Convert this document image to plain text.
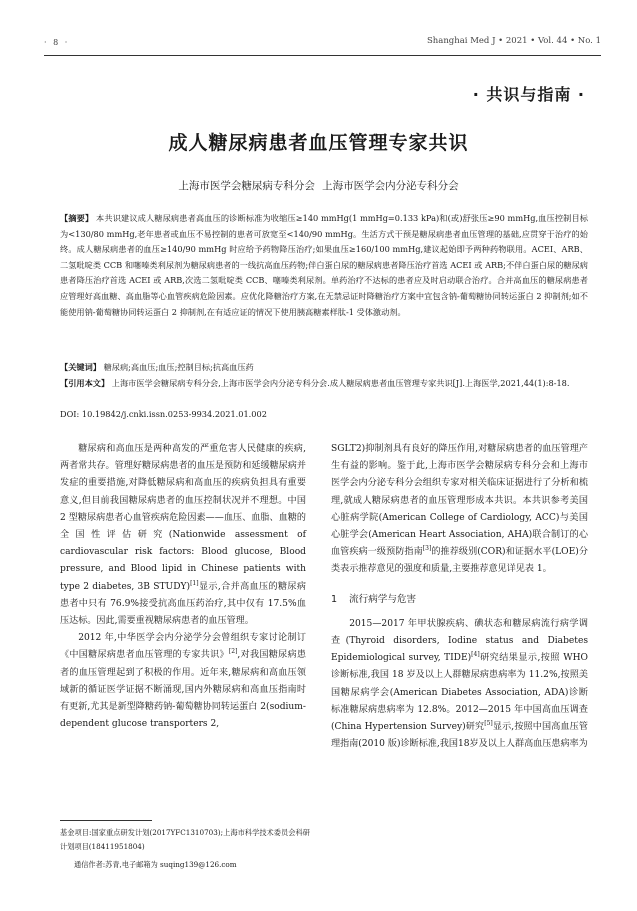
· 8 ·	Shanghai Med J • 2021 • Vol. 44 • No. 1
· 共识与指南 ·
成人糖尿病患者血压管理专家共识
上海市医学会糖尿病专科分会 上海市医学会内分泌专科分会
【摘要】 本共识建议成人糖尿病患者高血压的诊断标准为收缩压≥140 mmHg(1 mmHg=0.133 kPa)和(或)舒张压≥90 mmHg,血压控制目标为<130/80 mmHg,老年患者或血压不易控制的患者可放宽至<140/90 mmHg。生活方式干预是糖尿病患者血压管理的基础,应贯穿于治疗的始终。成人糖尿病患者的血压≥140/90 mmHg 时应给予药物降压治疗;如果血压≥160/100 mmHg,建议起始即予两种药物联用。ACEI、ARB、二氢吡啶类 CCB 和噻嗪类利尿剂为糖尿病患者的一线抗高血压药物;伴白蛋白尿的糖尿病患者降压治疗首选 ACEI 或 ARB;不伴白蛋白尿的糖尿病患者降压治疗首选 ACEI 或 ARB,次选二氢吡啶类 CCB、噻嗪类利尿剂。单药治疗不达标的患者应及时启动联合治疗。合并高血压的糖尿病患者应管理好高血糖、高血脂等心血管疾病危险因素。应优化降糖治疗方案,在无禁忌证时降糖治疗方案中宜包含钠-葡萄糖协同转运蛋白 2 抑制剂;如不能使用钠-葡萄糖协同转运蛋白 2 抑制剂,在有适应证的情况下使用胰高糖素样肽-1 受体激动剂。
【关键词】 糖尿病;高血压;血压;控制目标;抗高血压药
【引用本文】 上海市医学会糖尿病专科分会,上海市医学会内分泌专科分会.成人糖尿病患者血压管理专家共识[J].上海医学,2021,44(1):8-18.
DOI: 10.19842/j.cnki.issn.0253-9934.2021.01.002

糖尿病和高血压是两种高发的严重危害人民健康的疾病,两者常共存。管理好糖尿病患者的血压是预防和延缓糖尿病并发症的重要措施,对降低糖尿病和高血压的疾病负担具有重要意义,但目前我国糖尿病患者的血压控制状况并不理想。中国 2 型糖尿病患者心血管疾病危险因素——血压、血脂、血糖的全国性评估研究(Nationwide assessment of cardiovascular risk factors: Blood glucose, Blood pressure, and Blood lipid in Chinese patients with type 2 diabetes, 3B STUDY)[1]显示,合并高血压的糖尿病患者中只有 76.9%接受抗高血压药治疗,其中仅有 17.5%血压达标。因此,需要重视糖尿病患者的血压管理。

2012 年,中华医学会内分泌学分会曾组织专家讨论制订《中国糖尿病患者血压管理的专家共识》[2],对我国糖尿病患者的血压管理起到了积极的作用。近年来,糖尿病和高血压领域新的循证医学证据不断涌现,国内外糖尿病和高血压指南时有更新,尤其是新型降糖药钠-葡萄糖协同转运蛋白 2(sodium-dependent glucose transporters 2,

SGLT2)抑制剂具有良好的降压作用,对糖尿病患者的血压管理产生有益的影响。鉴于此,上海市医学会糖尿病专科分会和上海市医学会内分泌专科分会组织专家对相关临床证据进行了分析和梳理,就成人糖尿病患者的血压管理形成本共识。本共识参考美国心脏病学院(American College of Cardiology, ACC)与美国心脏学会(American Heart Association, AHA)联合制订的心血管疾病一级预防指南[3]的推荐级别(COR)和证据水平(LOE)分类表示推荐意见的强度和质量,主要推荐意见详见表 1。

1 流行病学与危害

2015—2017 年甲状腺疾病、碘状态和糖尿病流行病学调查(Thyroid disorders, Iodine status and Diabetes Epidemiological survey, TIDE)[4]研究结果显示,按照 WHO 诊断标准,我国 18 岁及以上人群糖尿病患病率为 11.2%,按照美国糖尿病学会(American Diabetes Association, ADA)诊断标准糖尿病患病率为 12.8%。2012—2015 年中国高血压调查(China Hypertension Survey)研究[5]显示,按照中国高血压管理指南(2010 版)诊断标准,我国18岁及以上人群高血压患病率为

基金项目:国家重点研发计划(2017YFC1310703);上海市科学技术委员会科研计划项目(18411951804)
通信作者:苏青,电子邮箱为 suqing139@126.com
